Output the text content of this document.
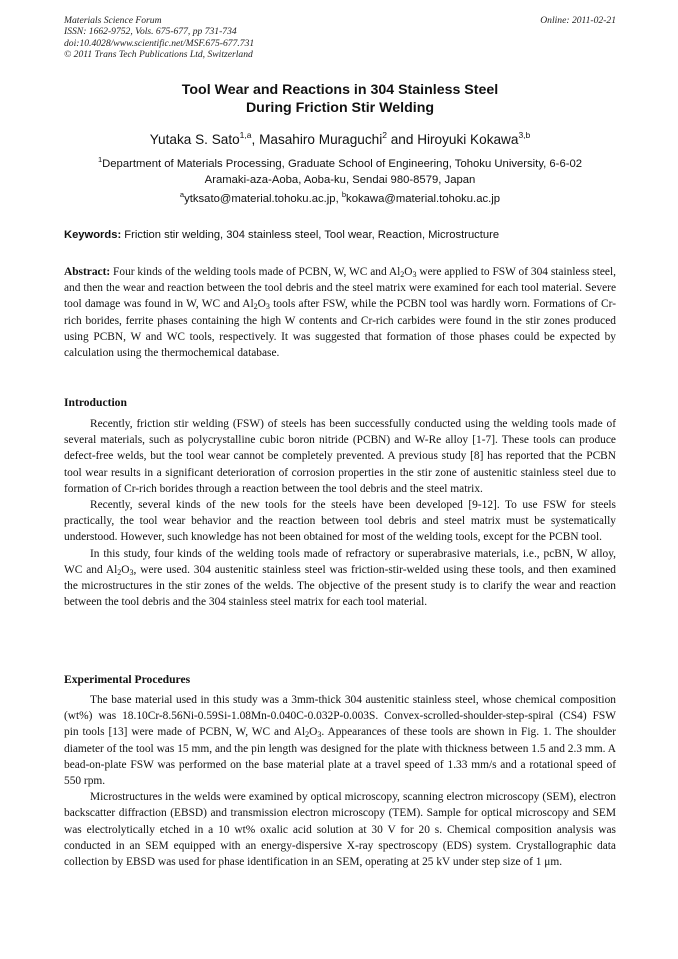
Materials Science Forum
ISSN: 1662-9752, Vols. 675-677, pp 731-734
doi:10.4028/www.scientific.net/MSF.675-677.731
© 2011 Trans Tech Publications Ltd, Switzerland
Online: 2011-02-21
Tool Wear and Reactions in 304 Stainless Steel
During Friction Stir Welding
Yutaka S. Sato$^{1,a}$, Masahiro Muraguchi$^2$ and Hiroyuki Kokawa$^{3,b}$
$^1$Department of Materials Processing, Graduate School of Engineering, Tohoku University, 6-6-02
Aramaki-aza-Aoba, Aoba-ku, Sendai 980-8579, Japan
$^a$ytksato@material.tohoku.ac.jp, $^b$kokawa@material.tohoku.ac.jp
Keywords: Friction stir welding, 304 stainless steel, Tool wear, Reaction, Microstructure
Abstract: Four kinds of the welding tools made of PCBN, W, WC and $Al_2O_3$ were applied to FSW of 304 stainless steel, and then the wear and reaction between the tool debris and the steel matrix were examined for each tool material. Severe tool damage was found in W, WC and $Al_2O_3$ tools after FSW, while the PCBN tool was hardly worn. Formations of Cr-rich borides, ferrite phases containing the high W contents and Cr-rich carbides were found in the stir zones produced using PCBN, W and WC tools, respectively. It was suggested that formation of those phases could be expected by calculation using the thermochemical database.
Introduction

Recently, friction stir welding (FSW) of steels has been successfully conducted using the welding tools made of several materials, such as polycrystalline cubic boron nitride (PCBN) and W-Re alloy [1-7]. These tools can produce defect-free welds, but the tool wear cannot be completely prevented. A previous study [8] has reported that the PCBN tool wear results in a significant deterioration of corrosion properties in the stir zone of austenitic stainless steel due to formation of Cr-rich borides through a reaction between the tool debris and the steel matrix.

Recently, several kinds of the new tools for the steels have been developed [9-12]. To use FSW for steels practically, the tool wear behavior and the reaction between tool debris and steel matrix must be systematically understood. However, such knowledge has not been obtained for most of the welding tools, except for the PCBN tool.

In this study, four kinds of the welding tools made of refractory or superabrasive materials, i.e., pcBN, W alloy, WC and $Al_2O_3$, were used. 304 austenitic stainless steel was friction-stir-welded using these tools, and then examined the microstructures in the stir zones of the welds. The objective of the present study is to clarify the wear and reaction between the tool debris and the 304 stainless steel matrix for each tool material.

Experimental Procedures

The base material used in this study was a 3mm-thick 304 austenitic stainless steel, whose chemical composition (wt%) was 18.10Cr-8.56Ni-0.59Si-1.08Mn-0.040C-0.032P-0.003S. Convex-scrolled-shoulder-step-spiral (CS4) FSW pin tools [13] were made of PCBN, W, WC and $Al_2O_3$. Appearances of these tools are shown in Fig. 1. The shoulder diameter of the tool was 15 mm, and the pin length was designed for the plate with thickness between 1.5 and 2.3 mm. A bead-on-plate FSW was performed on the base material plate at a travel speed of 1.33 mm/s and a rotational speed of 550 rpm.

Microstructures in the welds were examined by optical microscopy, scanning electron microscopy (SEM), electron backscatter diffraction (EBSD) and transmission electron microscopy (TEM). Sample for optical microscopy and SEM was electrolytically etched in a 10 wt% oxalic acid solution at 30 V for 20 s. Chemical composition analysis was conducted in an SEM equipped with an energy-dispersive X-ray spectroscopy (EDS) system. Crystallographic data collection by EBSD was used for phase identification in an SEM, operating at 25 kV under step size of 1 μm.
